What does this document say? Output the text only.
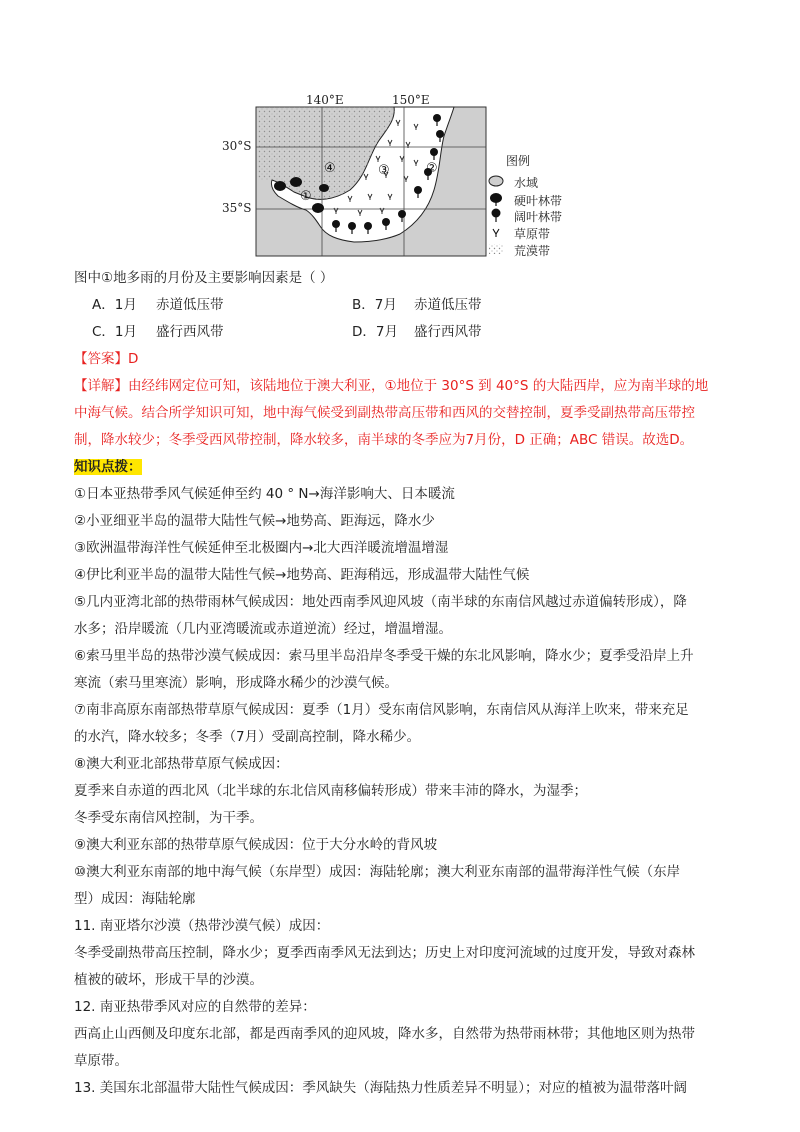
140°E	150°E
30°S
35°S
①
②
③
④	图例
水域
硬叶林带
阔叶林带
草原带
荒漠带
图中①地多雨的月份及主要影响因素是（ ）
A．1月 赤道低压带	B．7月 赤道低压带
C．1月 盛行西风带	D．7月 盛行西风带
【答案】D
【详解】由经纬网定位可知，该陆地位于澳大利亚，①地位于 30°S 到 40°S 的大陆西岸，应为南半球的地
中海气候。结合所学知识可知，地中海气候受到副热带高压带和西风的交替控制，夏季受副热带高压带控
制，降水较少；冬季受西风带控制，降水较多，南半球的冬季应为7月份，D 正确；ABC 错误。故选D。
知识点拨：
①日本亚热带季风气候延伸至约 40 ° N→海洋影响大、日本暖流
②小亚细亚半岛的温带大陆性气候→地势高、距海远，降水少
③欧洲温带海洋性气候延伸至北极圈内→北大西洋暖流增温增湿
④伊比利亚半岛的温带大陆性气候→地势高、距海稍远，形成温带大陆性气候
⑤几内亚湾北部的热带雨林气候成因：地处西南季风迎风坡（南半球的东南信风越过赤道偏转形成），降
水多；沿岸暖流（几内亚湾暖流或赤道逆流）经过，增温增湿。
⑥索马里半岛的热带沙漠气候成因：索马里半岛沿岸冬季受干燥的东北风影响，降水少；夏季受沿岸上升
寒流（索马里寒流）影响，形成降水稀少的沙漠气候。
⑦南非高原东南部热带草原气候成因：夏季（1月）受东南信风影响，东南信风从海洋上吹来，带来充足
的水汽，降水较多；冬季（7月）受副高控制，降水稀少。
⑧澳大利亚北部热带草原气候成因：
夏季来自赤道的西北风（北半球的东北信风南移偏转形成）带来丰沛的降水，为湿季；
冬季受东南信风控制，为干季。
⑨澳大利亚东部的热带草原气候成因：位于大分水岭的背风坡
⑩澳大利亚东南部的地中海气候（东岸型）成因：海陆轮廓；澳大利亚东南部的温带海洋性气候（东岸
型）成因：海陆轮廓
11. 南亚塔尔沙漠（热带沙漠气候）成因：
冬季受副热带高压控制，降水少；夏季西南季风无法到达；历史上对印度河流域的过度开发，导致对森林
植被的破坏，形成干旱的沙漠。
12. 南亚热带季风对应的自然带的差异：
西高止山西侧及印度东北部，都是西南季风的迎风坡，降水多，自然带为热带雨林带；其他地区则为热带
草原带。
13. 美国东北部温带大陆性气候成因：季风缺失（海陆热力性质差异不明显）；对应的植被为温带落叶阔
